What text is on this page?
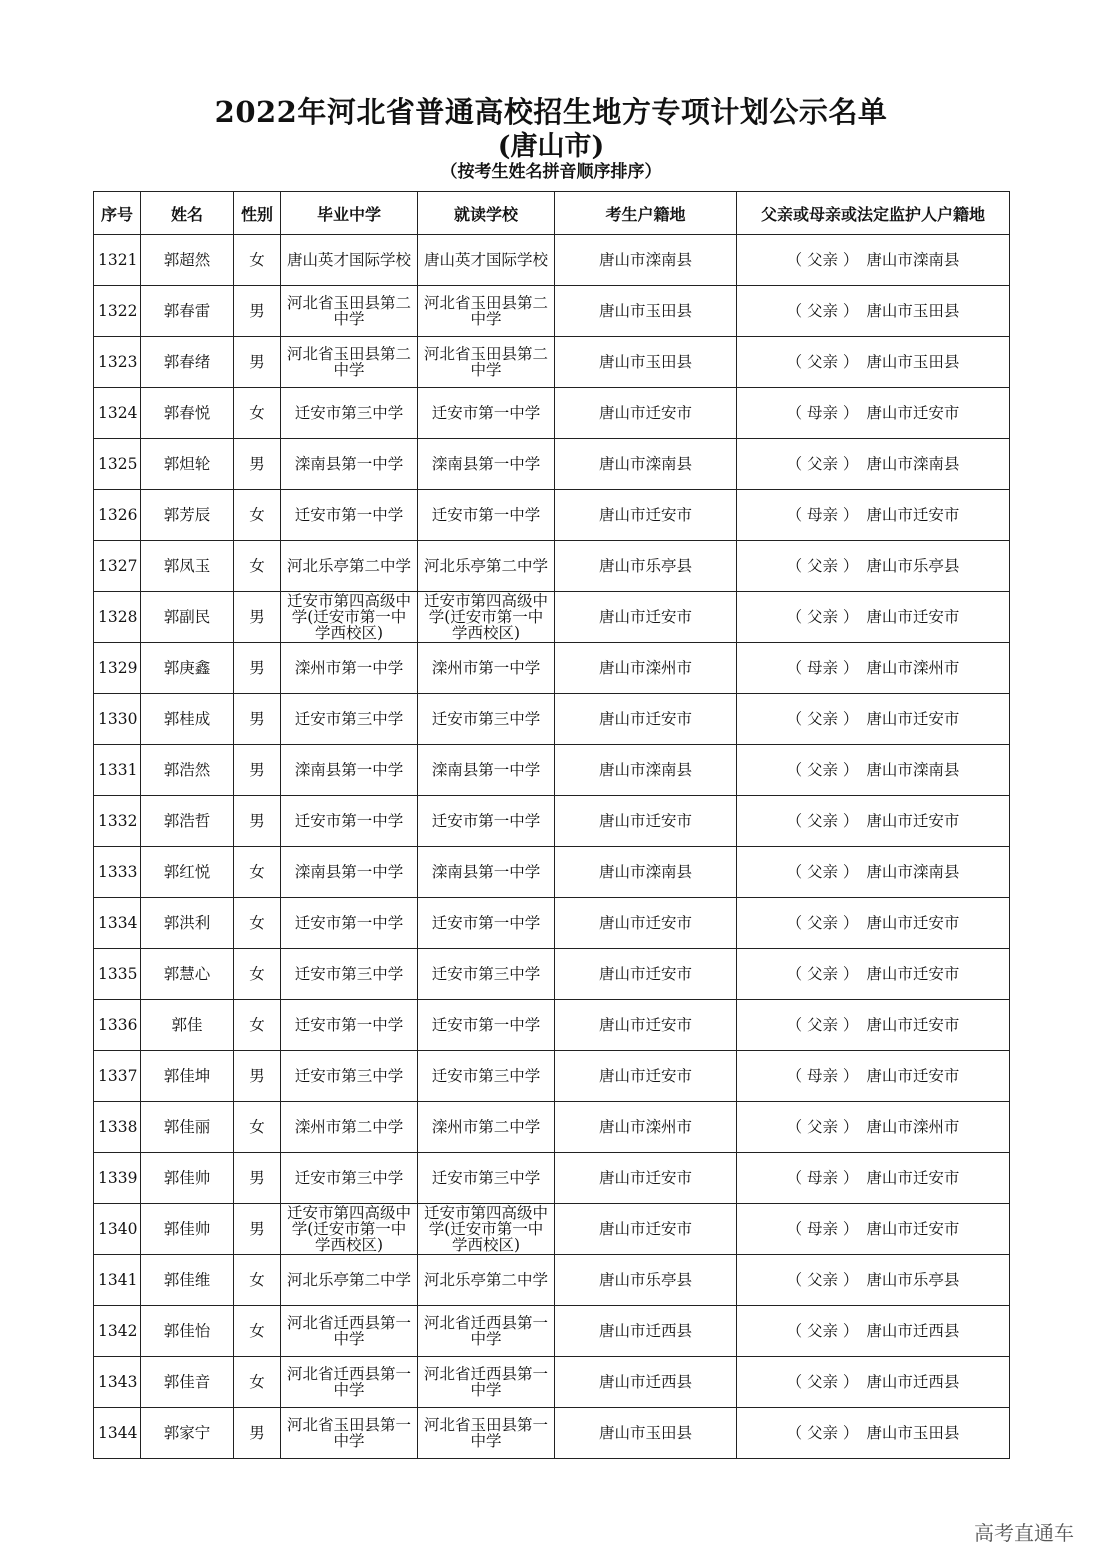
2022年河北省普通高校招生地方专项计划公示名单
(唐山市)
（按考生姓名拼音顺序排序）
序号	姓名	性别	毕业中学	就读学校	考生户籍地	父亲或母亲或法定监护人户籍地
1321	郭超然	女	唐山英才国际学校	唐山英才国际学校	唐山市滦南县	（ 父亲 ） 唐山市滦南县
1322	郭春雷	男	河北省玉田县第二中学	河北省玉田县第二中学	唐山市玉田县	（ 父亲 ） 唐山市玉田县
1323	郭春绪	男	河北省玉田县第二中学	河北省玉田县第二中学	唐山市玉田县	（ 父亲 ） 唐山市玉田县
1324	郭春悦	女	迁安市第三中学	迁安市第一中学	唐山市迁安市	（ 母亲 ） 唐山市迁安市
1325	郭炟轮	男	滦南县第一中学	滦南县第一中学	唐山市滦南县	（ 父亲 ） 唐山市滦南县
1326	郭芳辰	女	迁安市第一中学	迁安市第一中学	唐山市迁安市	（ 母亲 ） 唐山市迁安市
1327	郭凤玉	女	河北乐亭第二中学	河北乐亭第二中学	唐山市乐亭县	（ 父亲 ） 唐山市乐亭县
1328	郭副民	男	迁安市第四高级中学(迁安市第一中学西校区)	迁安市第四高级中学(迁安市第一中学西校区)	唐山市迁安市	（ 父亲 ） 唐山市迁安市
1329	郭庚鑫	男	滦州市第一中学	滦州市第一中学	唐山市滦州市	（ 母亲 ） 唐山市滦州市
1330	郭桂成	男	迁安市第三中学	迁安市第三中学	唐山市迁安市	（ 父亲 ） 唐山市迁安市
1331	郭浩然	男	滦南县第一中学	滦南县第一中学	唐山市滦南县	（ 父亲 ） 唐山市滦南县
1332	郭浩哲	男	迁安市第一中学	迁安市第一中学	唐山市迁安市	（ 父亲 ） 唐山市迁安市
1333	郭红悦	女	滦南县第一中学	滦南县第一中学	唐山市滦南县	（ 父亲 ） 唐山市滦南县
1334	郭洪利	女	迁安市第一中学	迁安市第一中学	唐山市迁安市	（ 父亲 ） 唐山市迁安市
1335	郭慧心	女	迁安市第三中学	迁安市第三中学	唐山市迁安市	（ 父亲 ） 唐山市迁安市
1336	郭佳	女	迁安市第一中学	迁安市第一中学	唐山市迁安市	（ 父亲 ） 唐山市迁安市
1337	郭佳坤	男	迁安市第三中学	迁安市第三中学	唐山市迁安市	（ 母亲 ） 唐山市迁安市
1338	郭佳丽	女	滦州市第二中学	滦州市第二中学	唐山市滦州市	（ 父亲 ） 唐山市滦州市
1339	郭佳帅	男	迁安市第三中学	迁安市第三中学	唐山市迁安市	（ 母亲 ） 唐山市迁安市
1340	郭佳帅	男	迁安市第四高级中学(迁安市第一中学西校区)	迁安市第四高级中学(迁安市第一中学西校区)	唐山市迁安市	（ 母亲 ） 唐山市迁安市
1341	郭佳维	女	河北乐亭第二中学	河北乐亭第二中学	唐山市乐亭县	（ 父亲 ） 唐山市乐亭县
1342	郭佳怡	女	河北省迁西县第一中学	河北省迁西县第一中学	唐山市迁西县	（ 父亲 ） 唐山市迁西县
1343	郭佳音	女	河北省迁西县第一中学	河北省迁西县第一中学	唐山市迁西县	（ 父亲 ） 唐山市迁西县
1344	郭家宁	男	河北省玉田县第一中学	河北省玉田县第一中学	唐山市玉田县	（ 父亲 ） 唐山市玉田县
高考直通车
